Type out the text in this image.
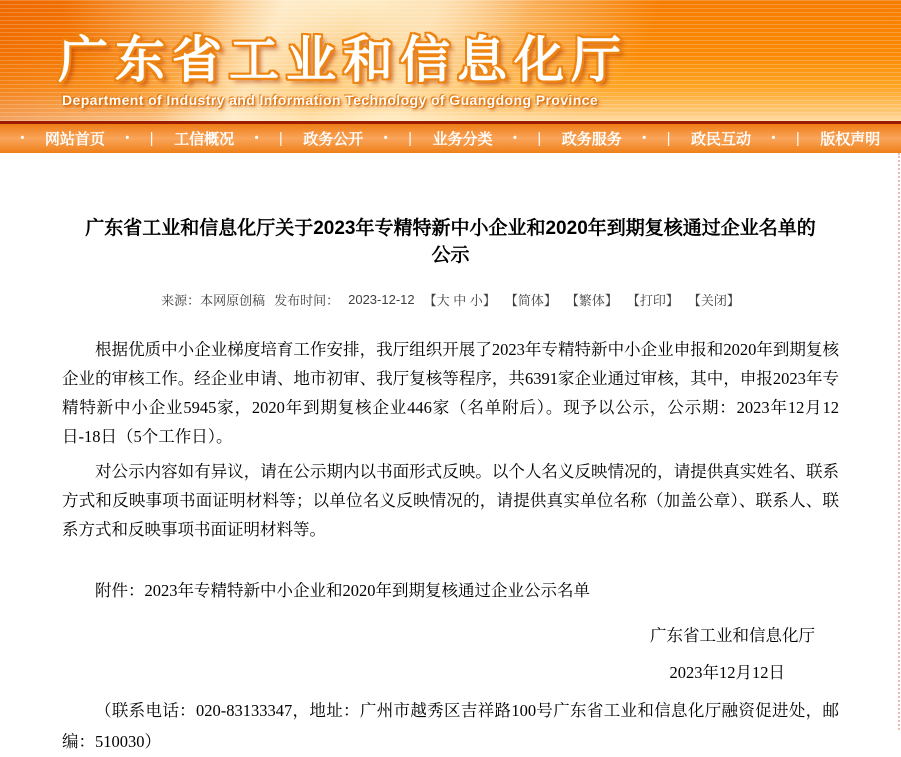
广东省工业和信息化厅
Department of Industry and Information Technology of Guangdong Province
• 网站首页 • | 工信概况 • | 政务公开 • | 业务分类 • | 政务服务 • | 政民互动 • | 版权声明
广东省工业和信息化厅关于2023年专精特新中小企业和2020年到期复核通过企业名单的公示
来源：本网原创稿 发布时间： 2023-12-12 【大 中 小】 【简体】 【繁体】 【打印】 【关闭】

根据优质中小企业梯度培育工作安排，我厅组织开展了2023年专精特新中小企业申报和2020年到期复核企业的审核工作。经企业申请、地市初审、我厅复核等程序，共6391家企业通过审核，其中，申报2023年专精特新中小企业5945家，2020年到期复核企业446家（名单附后）。现予以公示，公示期：2023年12月12日-18日（5个工作日）。

对公示内容如有异议，请在公示期内以书面形式反映。以个人名义反映情况的，请提供真实姓名、联系方式和反映事项书面证明材料等；以单位名义反映情况的，请提供真实单位名称（加盖公章）、联系人、联系方式和反映事项书面证明材料等。

附件：2023年专精特新中小企业和2020年到期复核通过企业公示名单

广东省工业和信息化厅
2023年12月12日

（联系电话：020-83133347，地址：广州市越秀区吉祥路100号广东省工业和信息化厅融资促进处，邮编：510030）
